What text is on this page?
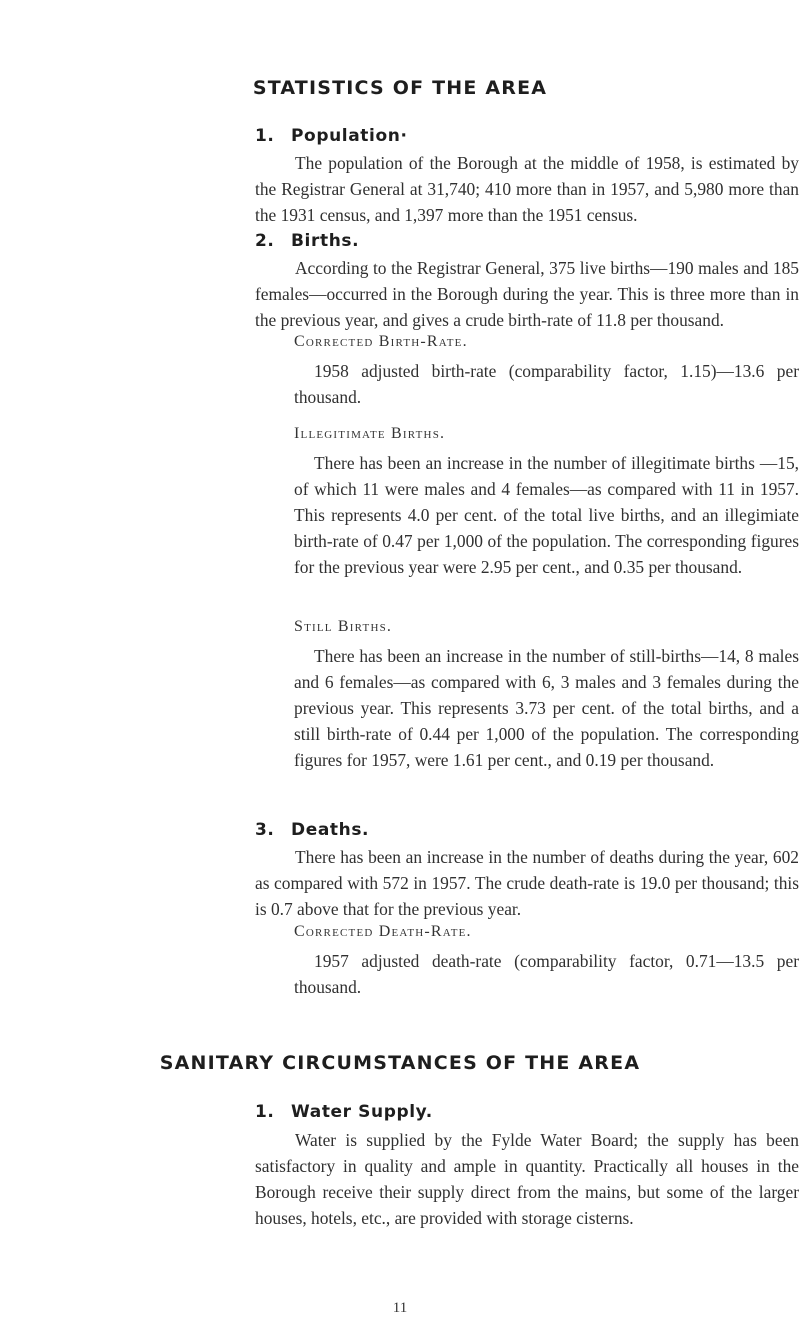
STATISTICS OF THE AREA
1. Population·

The population of the Borough at the middle of 1958, is estimated by the Registrar General at 31,740; 410 more than in 1957, and 5,980 more than the 1931 census, and 1,397 more than the 1951 census.

2. Births.

According to the Registrar General, 375 live births—190 males and 185 females—occurred in the Borough during the year. This is three more than in the previous year, and gives a crude birth-rate of 11.8 per thousand.

Corrected Birth-Rate.

1958 adjusted birth-rate (comparability factor, 1.15)—13.6 per thousand.

Illegitimate Births.

There has been an increase in the number of illegitimate births —15, of which 11 were males and 4 females—as compared with 11 in 1957. This represents 4.0 per cent. of the total live births, and an illegimiate birth-rate of 0.47 per 1,000 of the population. The corresponding figures for the previous year were 2.95 per cent., and 0.35 per thousand.

Still Births.

There has been an increase in the number of still-births—14, 8 males and 6 females—as compared with 6, 3 males and 3 females during the previous year. This represents 3.73 per cent. of the total births, and a still birth-rate of 0.44 per 1,000 of the population. The corresponding figures for 1957, were 1.61 per cent., and 0.19 per thousand.

3. Deaths.

There has been an increase in the number of deaths during the year, 602 as compared with 572 in 1957. The crude death-rate is 19.0 per thousand; this is 0.7 above that for the previous year.

Corrected Death-Rate.

1957 adjusted death-rate (comparability factor, 0.71—13.5 per thousand.

SANITARY CIRCUMSTANCES OF THE AREA
1. Water Supply.

Water is supplied by the Fylde Water Board; the supply has been satisfactory in quality and ample in quantity. Practically all houses in the Borough receive their supply direct from the mains, but some of the larger houses, hotels, etc., are provided with storage cisterns.

11
